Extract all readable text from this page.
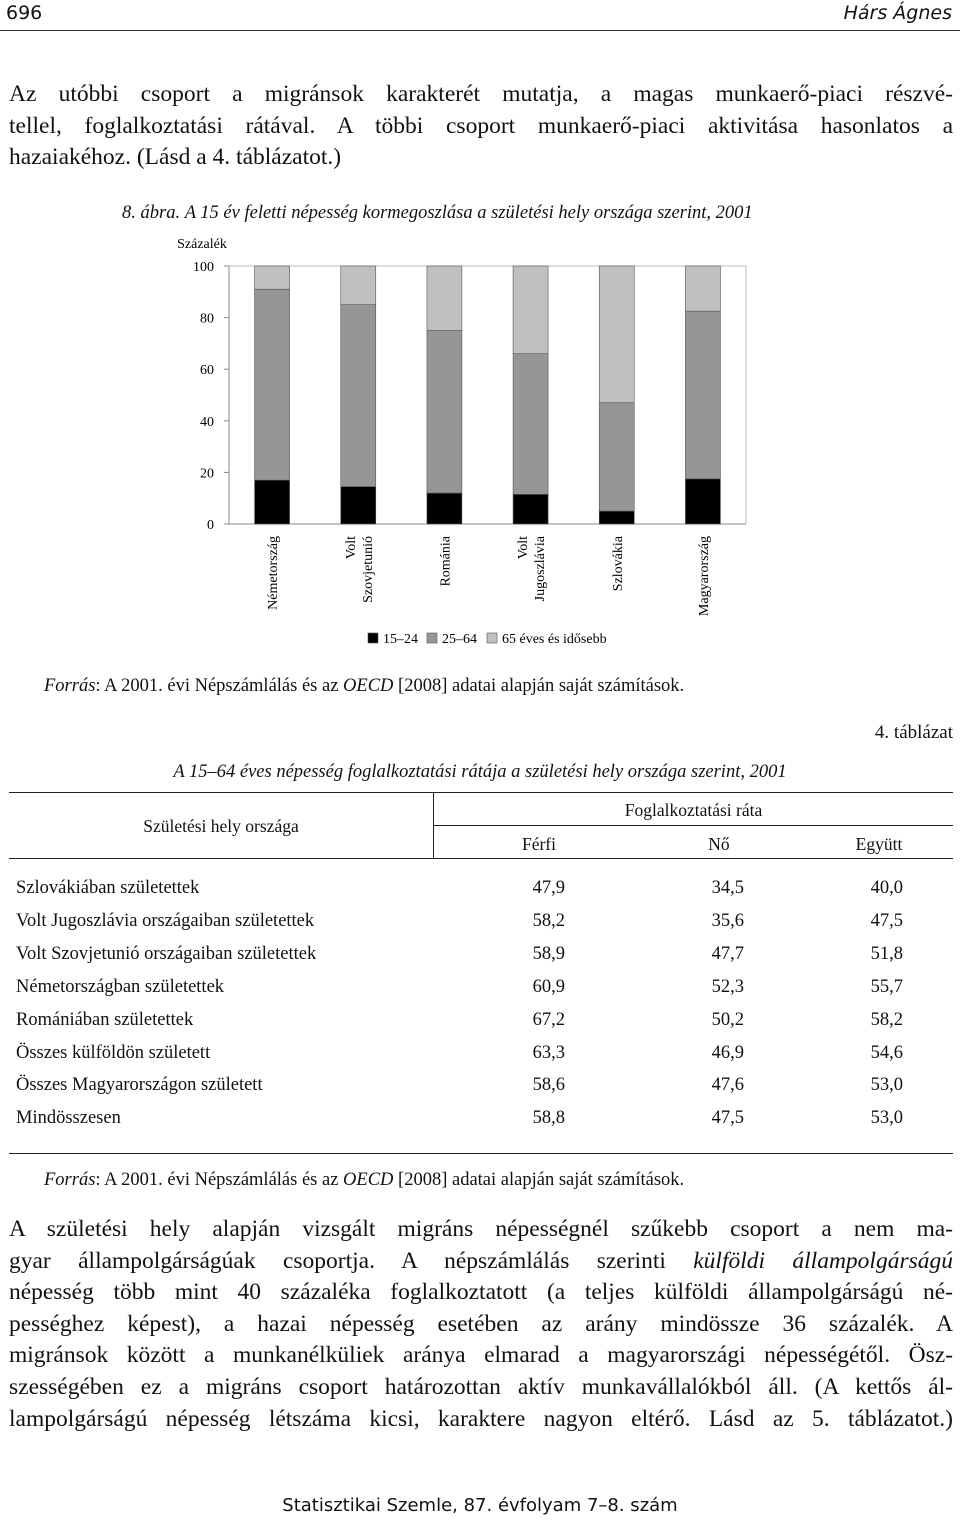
696	Hárs Ágnes
Az utóbbi csoport a migránsok karakterét mutatja, a magas munkaerő-piaci részvé-
tellel, foglalkoztatási rátával. A többi csoport munkaerő-piaci aktivitása hasonlatos a
hazaiakéhoz. (Lásd a 4. táblázatot.)
8. ábra. A 15 év feletti népesség kormegoszlása a születési hely országa szerint, 2001
Százalék
0
20
40
60
80
100
Németország	Volt Szovjetunió	Románia	Volt Jugoszlávia	Szlovákia	Magyarország
15–24 25–64 65 éves és idősebb
Forrás: A 2001. évi Népszámlálás és az OECD [2008] adatai alapján saját számítások.
4. táblázat
A 15–64 éves népesség foglalkoztatási rátája a születési hely országa szerint, 2001
Születési hely országa
Foglalkoztatási ráta
Férfi	Nő	Együtt
Szlovákiában születettek	47,9	34,5	40,0
Volt Jugoszlávia országaiban születettek	58,2	35,6	47,5
Volt Szovjetunió országaiban születettek	58,9	47,7	51,8
Németországban születettek	60,9	52,3	55,7
Romániában születettek	67,2	50,2	58,2
Összes külföldön született	63,3	46,9	54,6
Összes Magyarországon született	58,6	47,6	53,0
Mindösszesen	58,8	47,5	53,0
Forrás: A 2001. évi Népszámlálás és az OECD [2008] adatai alapján saját számítások.
A születési hely alapján vizsgált migráns népességnél szűkebb csoport a nem ma-
gyar állampolgárságúak csoportja. A népszámlálás szerinti külföldi állampolgárságú
népesség több mint 40 százaléka foglalkoztatott (a teljes külföldi állampolgárságú né-
pességhez képest), a hazai népesség esetében az arány mindössze 36 százalék. A
migránsok között a munkanélküliek aránya elmarad a magyarországi népességétől. Ösz-
szességében ez a migráns csoport határozottan aktív munkavállalókból áll. (A kettős ál-
lampolgárságú népesség létszáma kicsi, karaktere nagyon eltérő. Lásd az 5. táblázatot.)
Statisztikai Szemle, 87. évfolyam 7–8. szám
